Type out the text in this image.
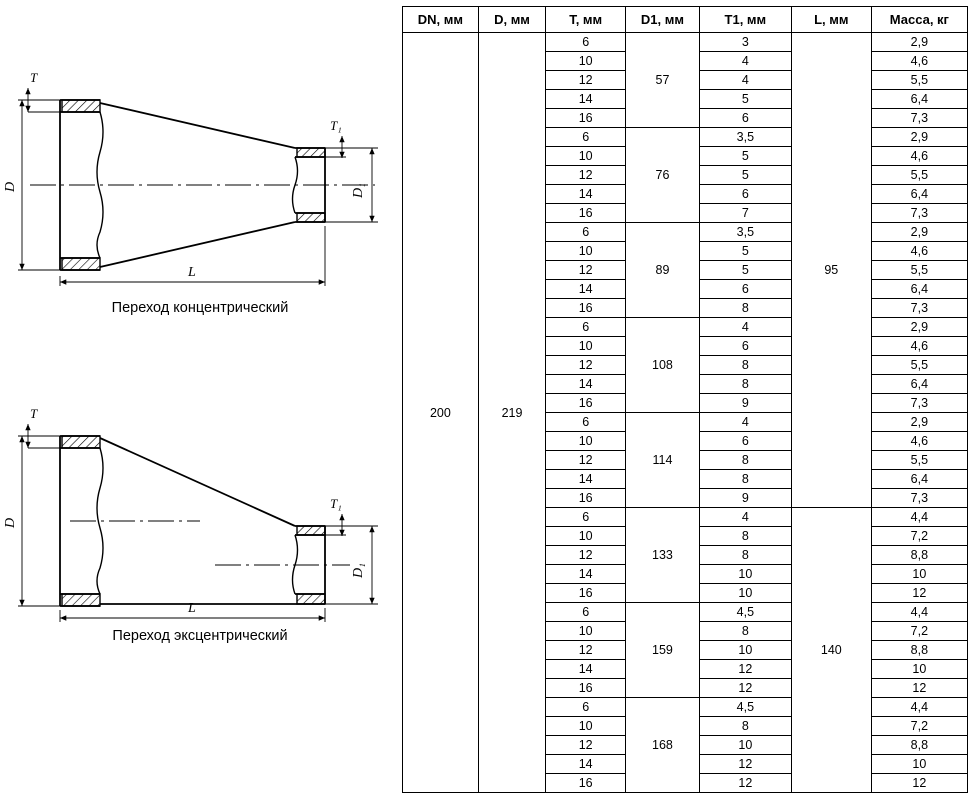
T
T₁
D	D₁
L
Переход концентрический
T
T₁
D
D₁
L
Переход эксцентрический
DN, мм	D, мм	T, мм	D1, мм	T1, мм	L, мм	Масса, кг
200	219	6	57	3	95	2,9
		10		4		4,6
		12		4		5,5
		14		5		6,4
		16		6		7,3
		6	76	3,5		2,9
		10		5		4,6
		12		5		5,5
		14		6		6,4
		16		7		7,3
		6	89	3,5		2,9
		10		5		4,6
		12		5		5,5
		14		6		6,4
		16		8		7,3
		6	108	4		2,9
		10		6		4,6
		12		8		5,5
		14		8		6,4
		16		9		7,3
		6	114	4		2,9
		10		6		4,6
		12		8		5,5
		14		8		6,4
		16		9		7,3
		6	133	4	140	4,4
		10		8		7,2
		12		8		8,8
		14		10		10
		16		10		12
		6	159	4,5		4,4
		10		8		7,2
		12		10		8,8
		14		12		10
		16		12		12
		6	168	4,5		4,4
		10		8		7,2
		12		10		8,8
		14		12		10
		16		12		12
